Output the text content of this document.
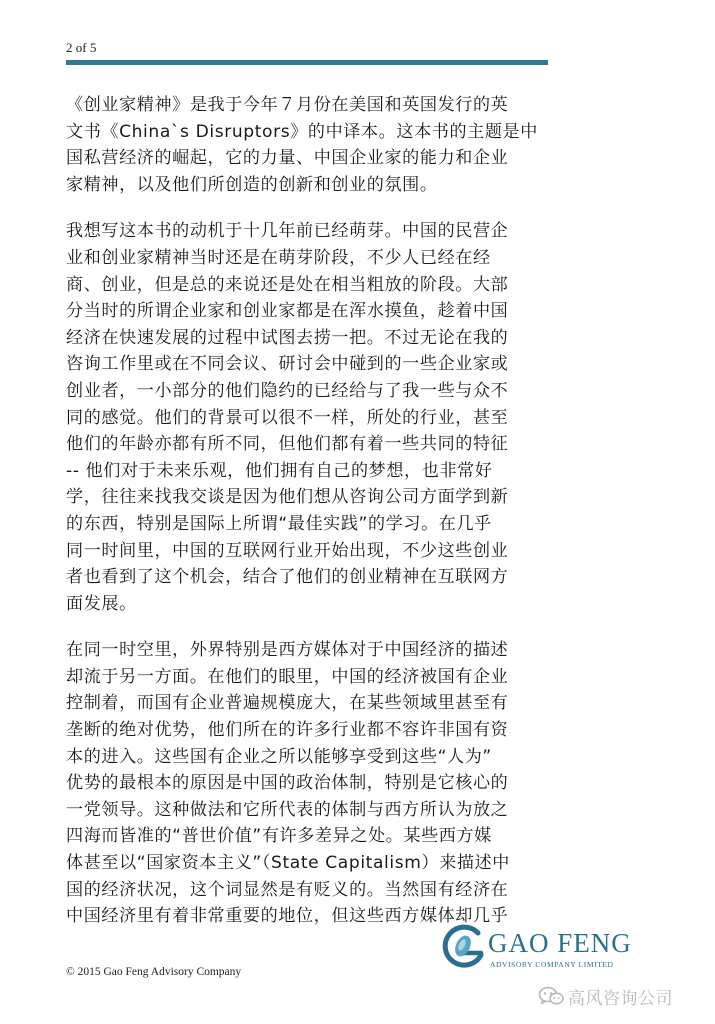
2 of 5

《创业家精神》是我于今年７月份在美国和英国发行的英
文书《China`s Disruptors》的中译本。这本书的主题是中
国私营经济的崛起，它的力量、中国企业家的能力和企业
家精神，以及他们所创造的创新和创业的氛围。

我想写这本书的动机于十几年前已经萌芽。中国的民营企
业和创业家精神当时还是在萌芽阶段，不少人已经在经
商、创业，但是总的来说还是处在相当粗放的阶段。大部
分当时的所谓企业家和创业家都是在浑水摸鱼，趁着中国
经济在快速发展的过程中试图去捞一把。不过无论在我的
咨询工作里或在不同会议、研讨会中碰到的一些企业家或
创业者，一小部分的他们隐约的已经给与了我一些与众不
同的感觉。他们的背景可以很不一样，所处的行业，甚至
他们的年龄亦都有所不同，但他们都有着一些共同的特征
-- 他们对于未来乐观，他们拥有自己的梦想，也非常好
学，往往来找我交谈是因为他们想从咨询公司方面学到新
的东西，特别是国际上所谓“最佳实践”的学习。在几乎
同一时间里，中国的互联网行业开始出现，不少这些创业
者也看到了这个机会，结合了他们的创业精神在互联网方
面发展。

在同一时空里，外界特别是西方媒体对于中国经济的描述
却流于另一方面。在他们的眼里，中国的经济被国有企业
控制着，而国有企业普遍规模庞大，在某些领域里甚至有
垄断的绝对优势，他们所在的许多行业都不容许非国有资
本的进入。这些国有企业之所以能够享受到这些“人为”
优势的最根本的原因是中国的政治体制，特别是它核心的
一党领导。这种做法和它所代表的体制与西方所认为放之
四海而皆准的“普世价值”有许多差异之处。某些西方媒
体甚至以“国家资本主义”（State Capitalism）来描述中
国的经济状况，这个词显然是有贬义的。当然国有经济在
中国经济里有着非常重要的地位，但这些西方媒体却几乎

GAO FENG
ADVISORY COMPANY LIMITED
© 2015 Gao Feng Advisory Company
高风咨询公司
